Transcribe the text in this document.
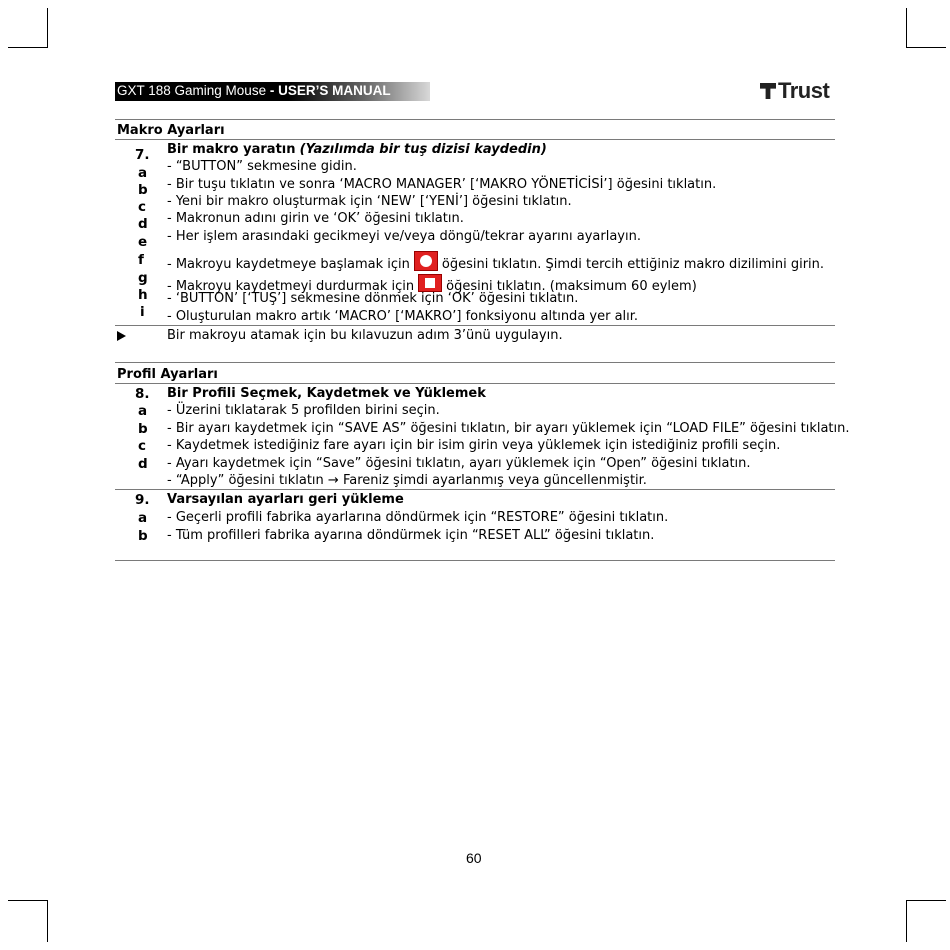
GXT 188 Gaming Mouse - USER’S MANUAL	Trust
Makro Ayarları
7. Bir makro yaratın (Yazılımda bir tuş dizisi kaydedin)
a
b
c
d
e
f
g
h
i
- “BUTTON” sekmesine gidin.
- Bir tuşu tıklatın ve sonra ‘MACRO MANAGER’ [‘MAKRO YÖNETİCİSİ’] öğesini tıklatın.
- Yeni bir makro oluşturmak için ‘NEW’ [‘YENİ’] öğesini tıklatın.
- Makronun adını girin ve ‘OK’ öğesini tıklatın.
- Her işlem arasındaki gecikmeyi ve/veya döngü/tekrar ayarını ayarlayın.
- Makroyu kaydetmeye başlamak için öğesini tıklatın. Şimdi tercih ettiğiniz makro dizilimini girin.
- Makroyu kaydetmeyi durdurmak için öğesini tıklatın. (maksimum 60 eylem)
- ‘BUTTON’ [‘TUŞ’] sekmesine dönmek için ‘OK’ öğesini tıklatın.
- Oluşturulan makro artık ‘MACRO’ [‘MAKRO’] fonksiyonu altında yer alır.
Bir makroyu atamak için bu kılavuzun adım 3’ünü uygulayın.
Profil Ayarları
8. Bir Profili Seçmek, Kaydetmek ve Yüklemek
a
b
c
d
- Üzerini tıklatarak 5 profilden birini seçin.
- Bir ayarı kaydetmek için “SAVE AS” öğesini tıklatın, bir ayarı yüklemek için “LOAD FILE” öğesini tıklatın.
- Kaydetmek istediğiniz fare ayarı için bir isim girin veya yüklemek için istediğiniz profili seçin.
- Ayarı kaydetmek için “Save” öğesini tıklatın, ayarı yüklemek için “Open” öğesini tıklatın.
- “Apply” öğesini tıklatın → Fareniz şimdi ayarlanmış veya güncellenmiştir.
9. Varsayılan ayarları geri yükleme
a
b
- Geçerli profili fabrika ayarlarına döndürmek için “RESTORE” öğesini tıklatın.
- Tüm profilleri fabrika ayarına döndürmek için “RESET ALL” öğesini tıklatın.
60
